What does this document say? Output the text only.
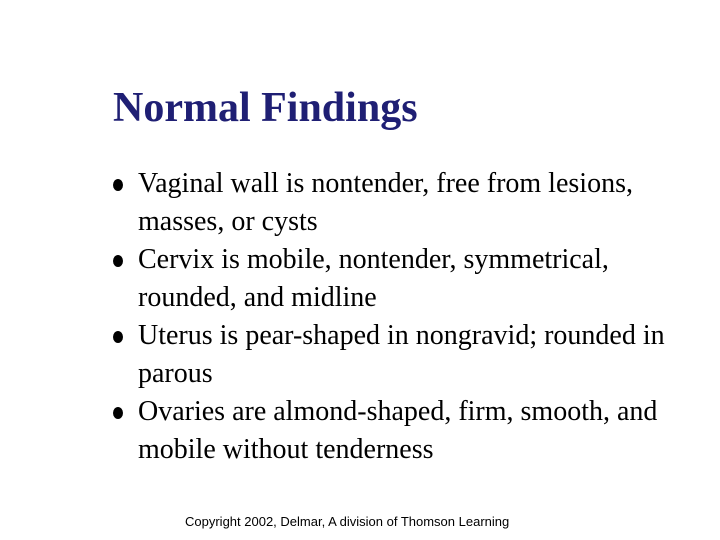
Normal Findings
Vaginal wall is nontender, free from lesions, masses, or cysts
Cervix is mobile, nontender, symmetrical, rounded, and midline
Uterus is pear-shaped in nongravid; rounded in parous
Ovaries are almond-shaped, firm, smooth, and mobile without tenderness

Copyright 2002, Delmar, A division of Thomson Learning
